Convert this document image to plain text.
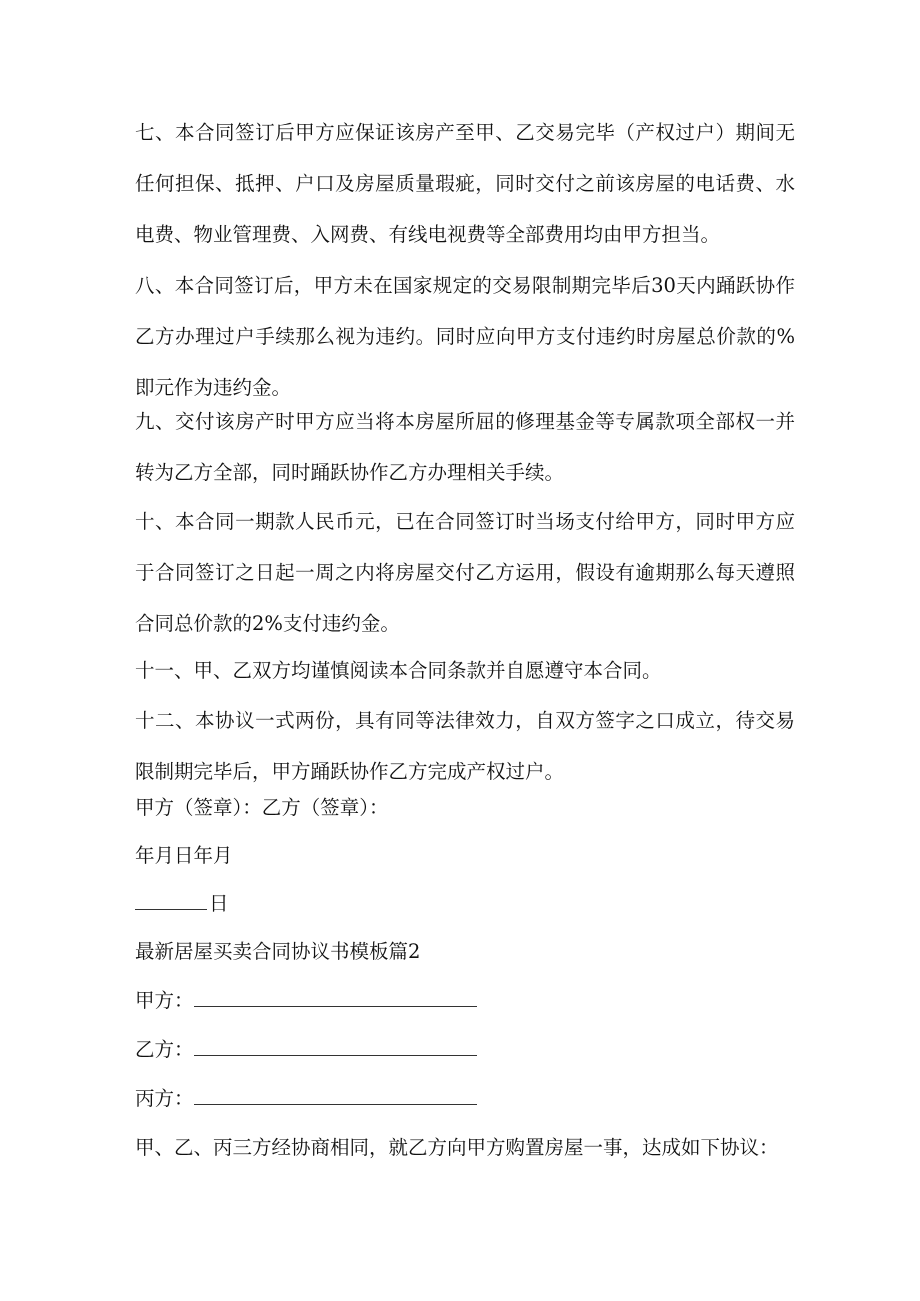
七、本合同签订后甲方应保证该房产至甲、乙交易完毕（产权过户）期间无任何担保、抵押、户口及房屋质量瑕疵，同时交付之前该房屋的电话费、水电费、物业管理费、入网费、有线电视费等全部费用均由甲方担当。

八、本合同签订后，甲方未在国家规定的交易限制期完毕后30天内踊跃协作乙方办理过户手续那么视为违约。同时应向甲方支付违约时房屋总价款的%即元作为违约金。

九、交付该房产时甲方应当将本房屋所屈的修理基金等专属款项全部权一并转为乙方全部，同时踊跃协作乙方办理相关手续。

十、本合同一期款人民币元，已在合同签订时当场支付给甲方，同时甲方应于合同签订之日起一周之内将房屋交付乙方运用，假设有逾期那么每天遵照合同总价款的2%支付违约金。

十一、甲、乙双方均谨慎阅读本合同条款并自愿遵守本合同。

十二、本协议一式两份，具有同等法律效力，自双方签字之口成立，待交易限制期完毕后，甲方踊跃协作乙方完成产权过户。

甲方（签章）：乙方（签章）：

年月日年月

日

最新居屋买卖合同协议书模板篇2

甲方：

乙方：

丙方：

甲、乙、丙三方经协商相同，就乙方向甲方购置房屋一事，达成如下协议：
